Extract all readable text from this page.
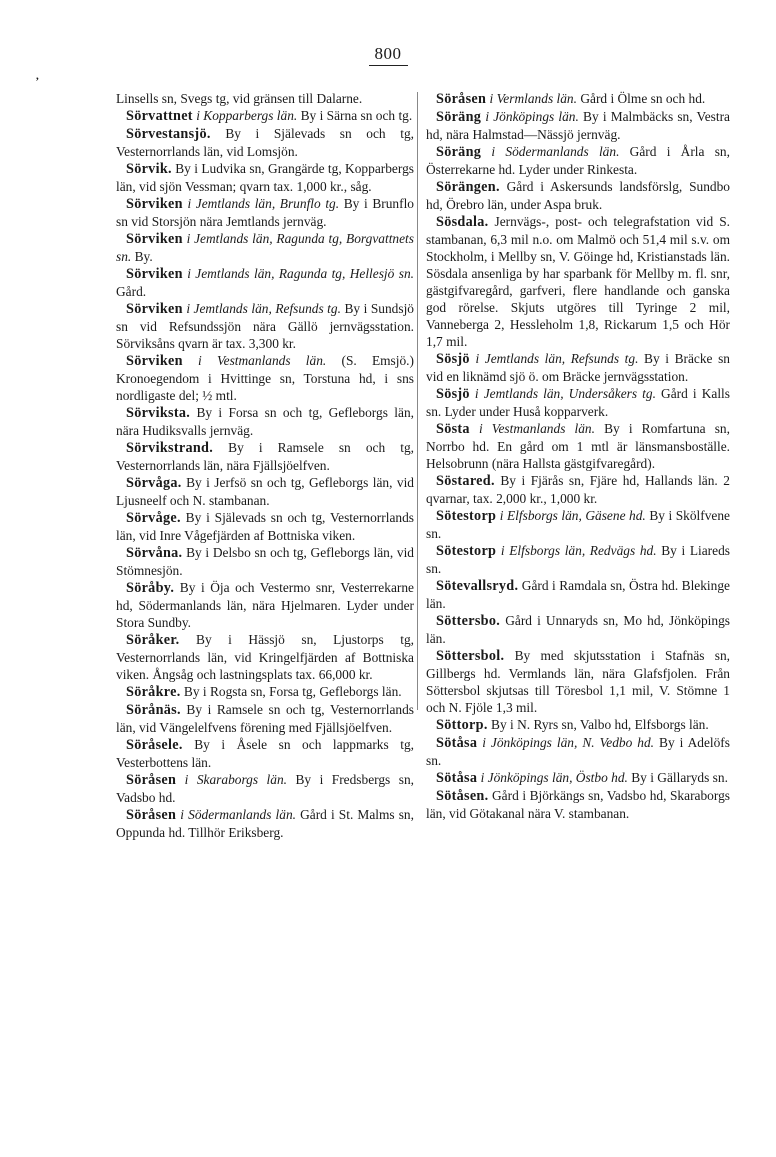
,
800

Linsells sn, Svegs tg, vid gränsen till Dalarne.

Sörvattnet i Kopparbergs län. By i Särna sn och tg.

Sörvestansjö. By i Själevads sn och tg, Vesternorrlands län, vid Lomsjön.

Sörvik. By i Ludvika sn, Grangärde tg, Kopparbergs län, vid sjön Vessman; qvarn tax. 1,000 kr., såg.

Sörviken i Jemtlands län, Brunflo tg. By i Brunflo sn vid Storsjön nära Jemtlands jernväg.

Sörviken i Jemtlands län, Ragunda tg, Borgvattnets sn. By.

Sörviken i Jemtlands län, Ragunda tg, Hellesjö sn. Gård.

Sörviken i Jemtlands län, Refsunds tg. By i Sundsjö sn vid Refsundssjön nära Gällö jernvägsstation. Sörviksåns qvarn är tax. 3,300 kr.

Sörviken i Vestmanlands län. (S. Emsjö.) Kronoegendom i Hvittinge sn, Torstuna hd, i sns nordligaste del; ½ mtl.

Sörviksta. By i Forsa sn och tg, Gefleborgs län, nära Hudiksvalls jernväg.

Sörvikstrand. By i Ramsele sn och tg, Vesternorrlands län, nära Fjällsjöelfven.

Sörvåga. By i Jerfsö sn och tg, Gefleborgs län, vid Ljusneelf och N. stambanan.

Sörvåge. By i Själevads sn och tg, Vesternorrlands län, vid Inre Vågefjärden af Bottniska viken.

Sörvåna. By i Delsbo sn och tg, Gefleborgs län, vid Stömnesjön.

Söråby. By i Öja och Vestermo snr, Vesterrekarne hd, Södermanlands län, nära Hjelmaren. Lyder under Stora Sundby.

Söråker. By i Hässjö sn, Ljustorps tg, Vesternorrlands län, vid Kringelfjärden af Bottniska viken. Ångsåg och lastningsplats tax. 66,000 kr.

Söråkre. By i Rogsta sn, Forsa tg, Gefleborgs län.

Sörånäs. By i Ramsele sn och tg, Vesternorrlands län, vid Vängelelfvens förening med Fjällsjöelfven.

Söråsele. By i Åsele sn och lappmarks tg, Vesterbottens län.

Söråsen i Skaraborgs län. By i Fredsbergs sn, Vadsbo hd.

Söråsen i Södermanlands län. Gård i St. Malms sn, Oppunda hd. Tillhör Eriksberg.

Söråsen i Vermlands län. Gård i Ölme sn och hd.

Söräng i Jönköpings län. By i Malmbäcks sn, Vestra hd, nära Halmstad—Nässjö jernväg.

Söräng i Södermanlands län. Gård i Årla sn, Österrekarne hd. Lyder under Rinkesta.

Sörängen. Gård i Askersunds landsförslg, Sundbo hd, Örebro län, under Aspa bruk.

Sösdala. Jernvägs-, post- och telegrafstation vid S. stambanan, 6,3 mil n.o. om Malmö och 51,4 mil s.v. om Stockholm, i Mellby sn, V. Göinge hd, Kristianstads län. Sösdala ansenliga by har sparbank för Mellby m. fl. snr, gästgifvaregård, garfveri, flere handlande och ganska god rörelse. Skjuts utgöres till Tyringe 2 mil, Vanneberga 2, Hessleholm 1,8, Rickarum 1,5 och Hör 1,7 mil.

Sösjö i Jemtlands län, Refsunds tg. By i Bräcke sn vid en liknämd sjö ö. om Bräcke jernvägsstation.

Sösjö i Jemtlands län, Undersåkers tg. Gård i Kalls sn. Lyder under Huså kopparverk.

Sösta i Vestmanlands län. By i Romfartuna sn, Norrbo hd. En gård om 1 mtl är länsmansboställe. Helsobrunn (nära Hallsta gästgifvaregård).

Söstared. By i Fjärås sn, Fjäre hd, Hallands län. 2 qvarnar, tax. 2,000 kr., 1,000 kr.

Sötestorp i Elfsborgs län, Gäsene hd. By i Skölfvene sn.

Sötestorp i Elfsborgs län, Redvägs hd. By i Liareds sn.

Sötevallsryd. Gård i Ramdala sn, Östra hd. Blekinge län.

Söttersbo. Gård i Unnaryds sn, Mo hd, Jönköpings län.

Söttersbol. By med skjutsstation i Stafnäs sn, Gillbergs hd. Vermlands län, nära Glafsfjolen. Från Söttersbol skjutsas till Töresbol 1,1 mil, V. Stömne 1 och N. Fjöle 1,3 mil.

Söttorp. By i N. Ryrs sn, Valbo hd, Elfsborgs län.

Sötåsa i Jönköpings län, N. Vedbo hd. By i Adelöfs sn.

Sötåsa i Jönköpings län, Östbo hd. By i Gällaryds sn.

Sötåsen. Gård i Björkängs sn, Vadsbo hd, Skaraborgs län, vid Götakanal nära V. stambanan.
